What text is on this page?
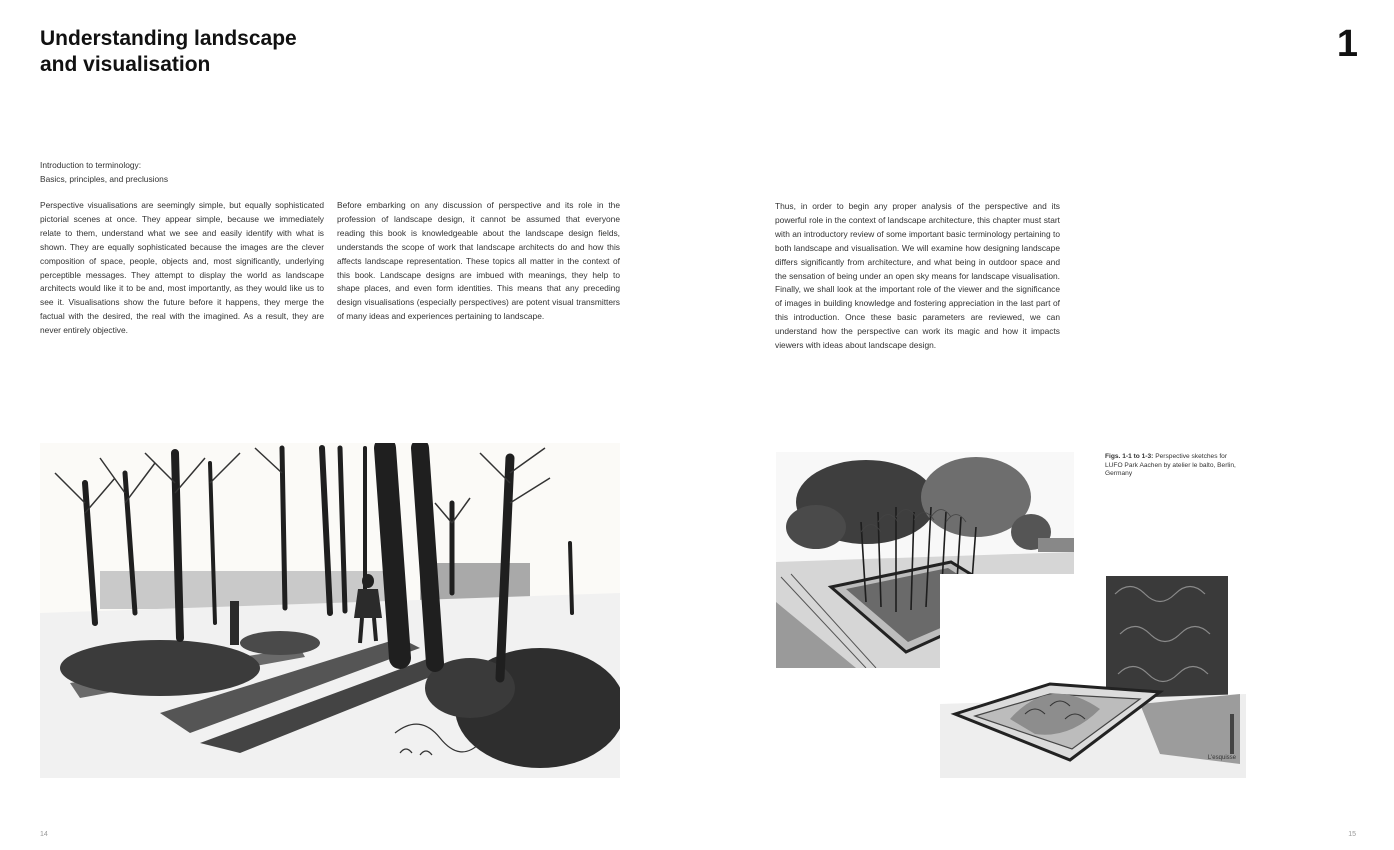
Understanding landscape
and visualisation	1
Introduction to terminology:
Basics, principles, and preclusions

Perspective visualisations are seemingly simple, but equally sophisticated pictorial scenes at once. They appear simple, because we immediately relate to them, understand what we see and easily identify with what is shown. They are equally sophisticated because the images are the clever composition of space, people, objects and, most significantly, underlying perceptible messages. They attempt to display the world as landscape architects would like it to be and, most importantly, as they would like us to see it. Visualisations show the future before it happens, they merge the factual with the desired, the real with the imagined. As a result, they are never entirely objective.

Before embarking on any discussion of perspective and its role in the profession of landscape design, it cannot be assumed that everyone reading this book is knowledgeable about the landscape design fields, understands the scope of work that landscape architects do and how this affects landscape representation. These topics all matter in the context of this book. Landscape designs are imbued with meanings, they help to shape places, and even form identities. This means that any preceding design visualisations (especially perspectives) are potent visual transmitters of many ideas and experiences pertaining to landscape.

Thus, in order to begin any proper analysis of the perspective and its powerful role in the context of landscape architecture, this chapter must start with an introductory review of some important basic terminology pertaining to both landscape and visualisation. We will examine how designing landscape differs significantly from architecture, and what being in outdoor space and the sensation of being under an open sky means for landscape visualisation. Finally, we shall look at the important role of the viewer and the significance of images in building knowledge and fostering appreciation in the last part of this introduction. Once these basic parameters are reviewed, we can understand how the perspective can work its magic and how it impacts viewers with ideas about landscape design.

L'esquisse
Figs. 1-1 to 1-3: Perspective sketches for LUFO Park Aachen by atelier le balto, Berlin, Germany
14	15
